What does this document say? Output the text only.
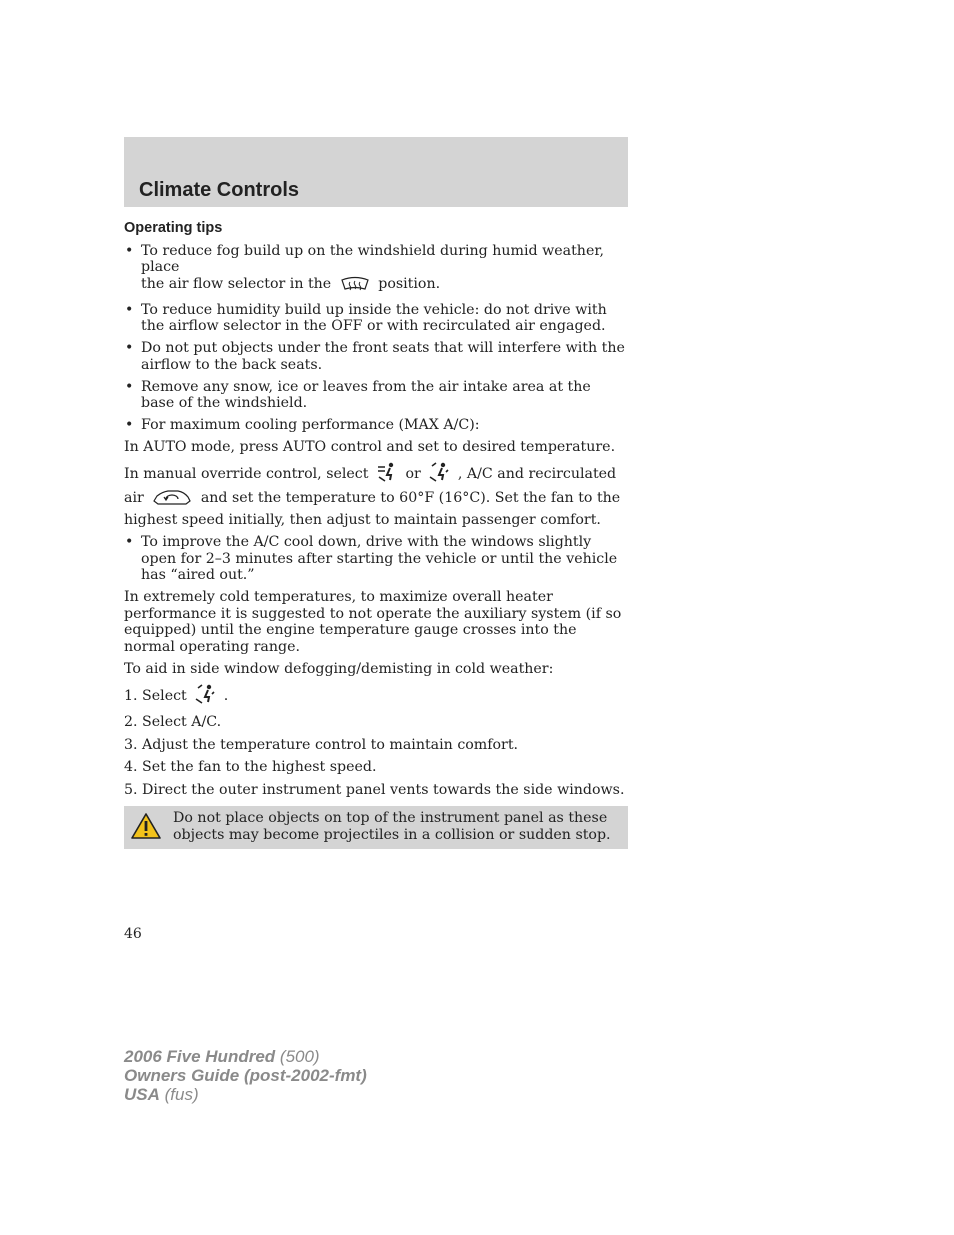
Climate Controls
Operating tips
• To reduce fog build up on the windshield during humid weather, place
the air flow selector in the	position.
• To reduce humidity build up inside the vehicle: do not drive with the airflow selector in the OFF or with recirculated air engaged.
• Do not put objects under the front seats that will interfere with the airflow to the back seats.
• Remove any snow, ice or leaves from the air intake area at the base of the windshield.
• For maximum cooling performance (MAX A/C):

In AUTO mode, press AUTO control and set to desired temperature.

In manual override control, select	or	, A/C and recirculated
air	and set the temperature to 60°F (16°C). Set the fan to the
highest speed initially, then adjust to maintain passenger comfort.

• To improve the A/C cool down, drive with the windows slightly open for 2–3 minutes after starting the vehicle or until the vehicle has “aired out.”

In extremely cold temperatures, to maximize overall heater performance it is suggested to not operate the auxiliary system (if so equipped) until the engine temperature gauge crosses into the normal operating range.

To aid in side window defogging/demisting in cold weather:

1. Select	.
2. Select A/C.
3. Adjust the temperature control to maintain comfort.
4. Set the fan to the highest speed.
5. Direct the outer instrument panel vents towards the side windows.
Do not place objects on top of the instrument panel as these objects may become projectiles in a collision or sudden stop.
46
2006 Five Hundred (500)
Owners Guide (post-2002-fmt)
USA (fus)
